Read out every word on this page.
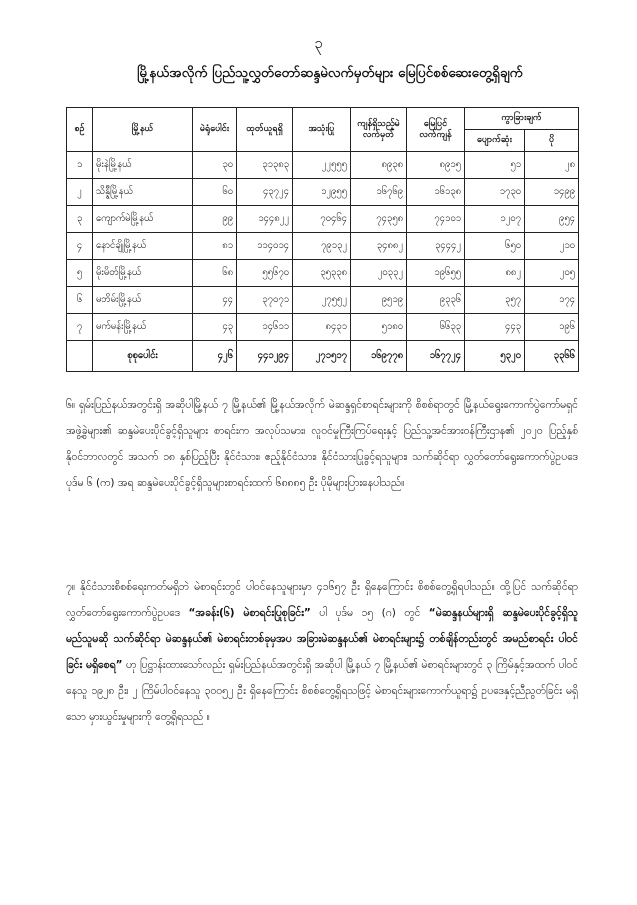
၃
မြို့နယ်အလိုက် ပြည်သူ့လွှတ်တော်ဆန္ဒမဲလက်မှတ်များ မြေပြင်စစ်ဆေးတွေ့ရှိချက်
စဉ်	မြို့နယ်	မဲရုံပေါင်း	ထုတ်ယူရရှိ	အသုံးပြု	ကျန်ရှိသည့်မဲလက်မှတ်	မြေပြင်လက်ကျန်	ကွာခြားချက်	
							ပျောက်ဆုံး	ပို
၁	မိုးနဲမြို့နယ်	၃၀	၃၁၃၈၃	၂၂၅၅၅	၈၉၃၈	၈၉၁၅	၅၁	၂၈
၂	သိန္နီမြို့နယ်	၆၀	၄၃၇၂၄	၁၂၉၅၅	၁၆၇၆၉	၁၆၁၃၈	၁၇၃၀	၁၄၉၉
၃	ကျောက်မဲမြို့နယ်	၉၉	၁၄၄၈၂၂	၇၀၄၆၄	၇၄၃၅၈	၇၄၁၀၁	၁၂၀၇	၉၅၄
၄	နောင်ချိုမြို့နယ်	၈၁	၁၁၄၀၁၄	၇၉၁၃၂	၃၄၈၈၂	၃၄၄၄၂	၆၅၀	၂၁၀
၅	မိုးမိတ်မြို့နယ်	၆၈	၅၅၆၇၀	၃၅၃၃၈	၂၀၃၃၂	၁၉၆၅၅	၈၈၂	၂၀၅
၆	မဘိမ်းမြို့နယ်	၄၄	၃၇၀၇၁	၂၇၅၅၂	၉၅၁၉	၉၃၃၆	၃၅၇	၁၇၄
၇	မက်မန်းမြို့နယ်	၄၃	၁၄၆၁၁	၈၄၃၁	၅၁၈၀	၆၆၃၃	၄၄၃	၁၉၆
	စုစုပေါင်း	၄၂၆	၄၄၁၂၉၄	၂၇၁၅၁၇	၁၆၉၇၇၈	၁၆၇၇၂၄	၅၃၂၀	၃၃၆၆

၆။ ရှမ်းပြည်နယ်အတွင်းရှိ အဆိုပါမြို့နယ် ၇ မြို့နယ်၏ မြို့နယ်အလိုက် မဲဆန္ဒရှင်စာရင်းများကို စိစစ်ရာတွင် မြို့နယ်ရွေးကောက်ပွဲကော်မရှင်အဖွဲ့ခွဲများ၏ ဆန္ဒမဲပေးပိုင်ခွင့်ရှိသူများ စာရင်းက အလုပ်သမား၊ လူဝင်မှုကြီးကြပ်ရေးနှင့် ပြည်သူ့အင်အားဝန်ကြီးဌာန၏ ၂၀၂၀ ပြည့်နှစ် နိုဝင်ဘာလတွင် အသက် ၁၈ နှစ်ပြည့်ပြီး နိုင်ငံသား၊ ဧည့်နိုင်ငံသား၊ နိုင်ငံသားပြုခွင့်ရသူများ၊ သက်ဆိုင်ရာ လွှတ်တော်ရွေးကောက်ပွဲဥပဒေပုဒ်မ ၆ (က) အရ ဆန္ဒမဲပေးပိုင်ခွင့်ရှိသူများစာရင်းထက် ၆၈၈၈၅ ဦး ပိုမိုများပြားနေပါသည်။

၇။ နိုင်ငံသားစိစစ်ရေးကတ်မရှိဘဲ မဲစာရင်းတွင် ပါဝင်နေသူများမှာ ၄၁၆၅၇ ဦး ရှိနေကြောင်း စိစစ်တွေ့ရှိရပါသည်။ ထို့ပြင် သက်ဆိုင်ရာ လွှတ်တော်ရွေးကောက်ပွဲဥပဒေ “အခန်း(၆) မဲစာရင်းပြုစုခြင်း” ပါ ပုဒ်မ ၁၅ (ဂ) တွင် “မဲဆန္ဒနယ်များရှိ ဆန္ဒမဲပေးပိုင်ခွင့်ရှိသူ မည်သူမဆို သက်ဆိုင်ရာ မဲဆန္ဒနယ်၏ မဲစာရင်းတစ်ခုမှအပ အခြားမဲဆန္ဒနယ်၏ မဲစာရင်းများ၌ တစ်ချိန်တည်းတွင် အမည်စာရင်း ပါဝင်ခြင်း မရှိစေရ” ဟု ပြဋ္ဌာန်းထားသော်လည်း ရှမ်းပြည်နယ်အတွင်းရှိ အဆိုပါ မြို့နယ် ၇ မြို့နယ်၏ မဲစာရင်းများတွင် ၃ ကြိမ်နှင့်အထက် ပါဝင်နေသူ ၁၉၂၈ ဦး၊ ၂ ကြိမ်ပါဝင်နေသူ ၃၀၀၅၂ ဦး ရှိနေကြောင်း စိစစ်တွေ့ရှိရသဖြင့် မဲစာရင်းများကောက်ယူရာ၌ ဥပဒေနှင့်ညီညွတ်ခြင်း မရှိသော မှားယွင်းမှုများကို တွေ့ရှိရသည် ။
